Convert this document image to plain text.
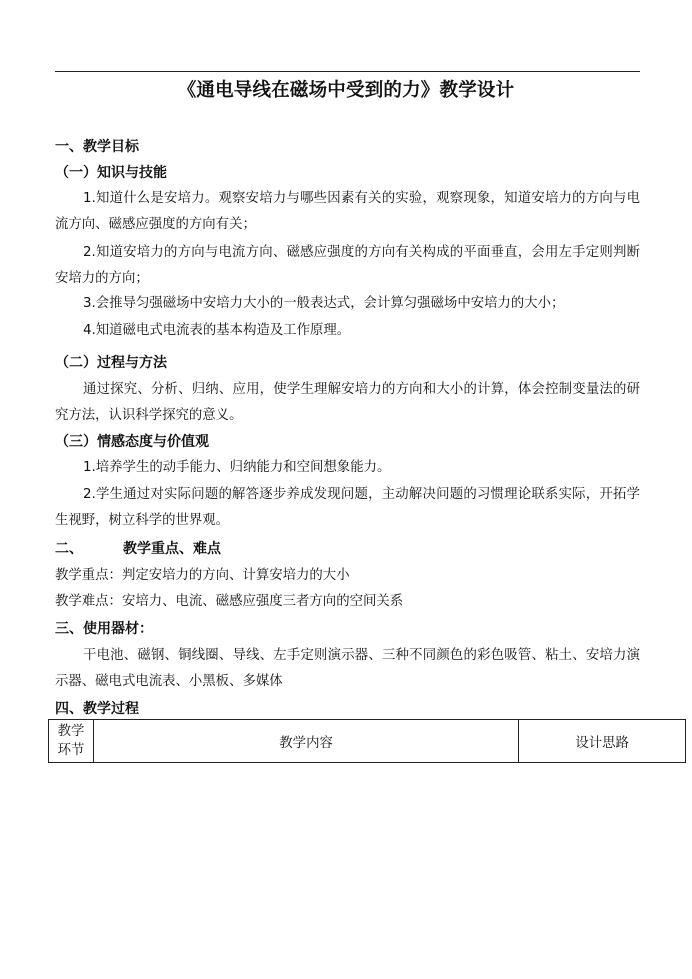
《通电导线在磁场中受到的力》教学设计
一、教学目标
（一）知识与技能
1.知道什么是安培力。观察安培力与哪些因素有关的实验，观察现象，知道安培力的方向与电流方向、磁感应强度的方向有关；
2.知道安培力的方向与电流方向、磁感应强度的方向有关构成的平面垂直，会用左手定则判断安培力的方向；
3.会推导匀强磁场中安培力大小的一般表达式，会计算匀强磁场中安培力的大小；
4.知道磁电式电流表的基本构造及工作原理。
（二）过程与方法
通过探究、分析、归纳、应用，使学生理解安培力的方向和大小的计算，体会控制变量法的研究方法，认识科学探究的意义。
（三）情感态度与价值观
1.培养学生的动手能力、归纳能力和空间想象能力。
2.学生通过对实际问题的解答逐步养成发现问题，主动解决问题的习惯理论联系实际，开拓学生视野，树立科学的世界观。
二、	教学重点、难点
教学重点：判定安培力的方向、计算安培力的大小
教学难点：安培力、电流、磁感应强度三者方向的空间关系
三、使用器材：
干电池、磁钢、铜线圈、导线、左手定则演示器、三种不同颜色的彩色吸管、粘土、安培力演示器、磁电式电流表、小黑板、多媒体
四、教学过程
教学
环节	教学内容	设计思路
